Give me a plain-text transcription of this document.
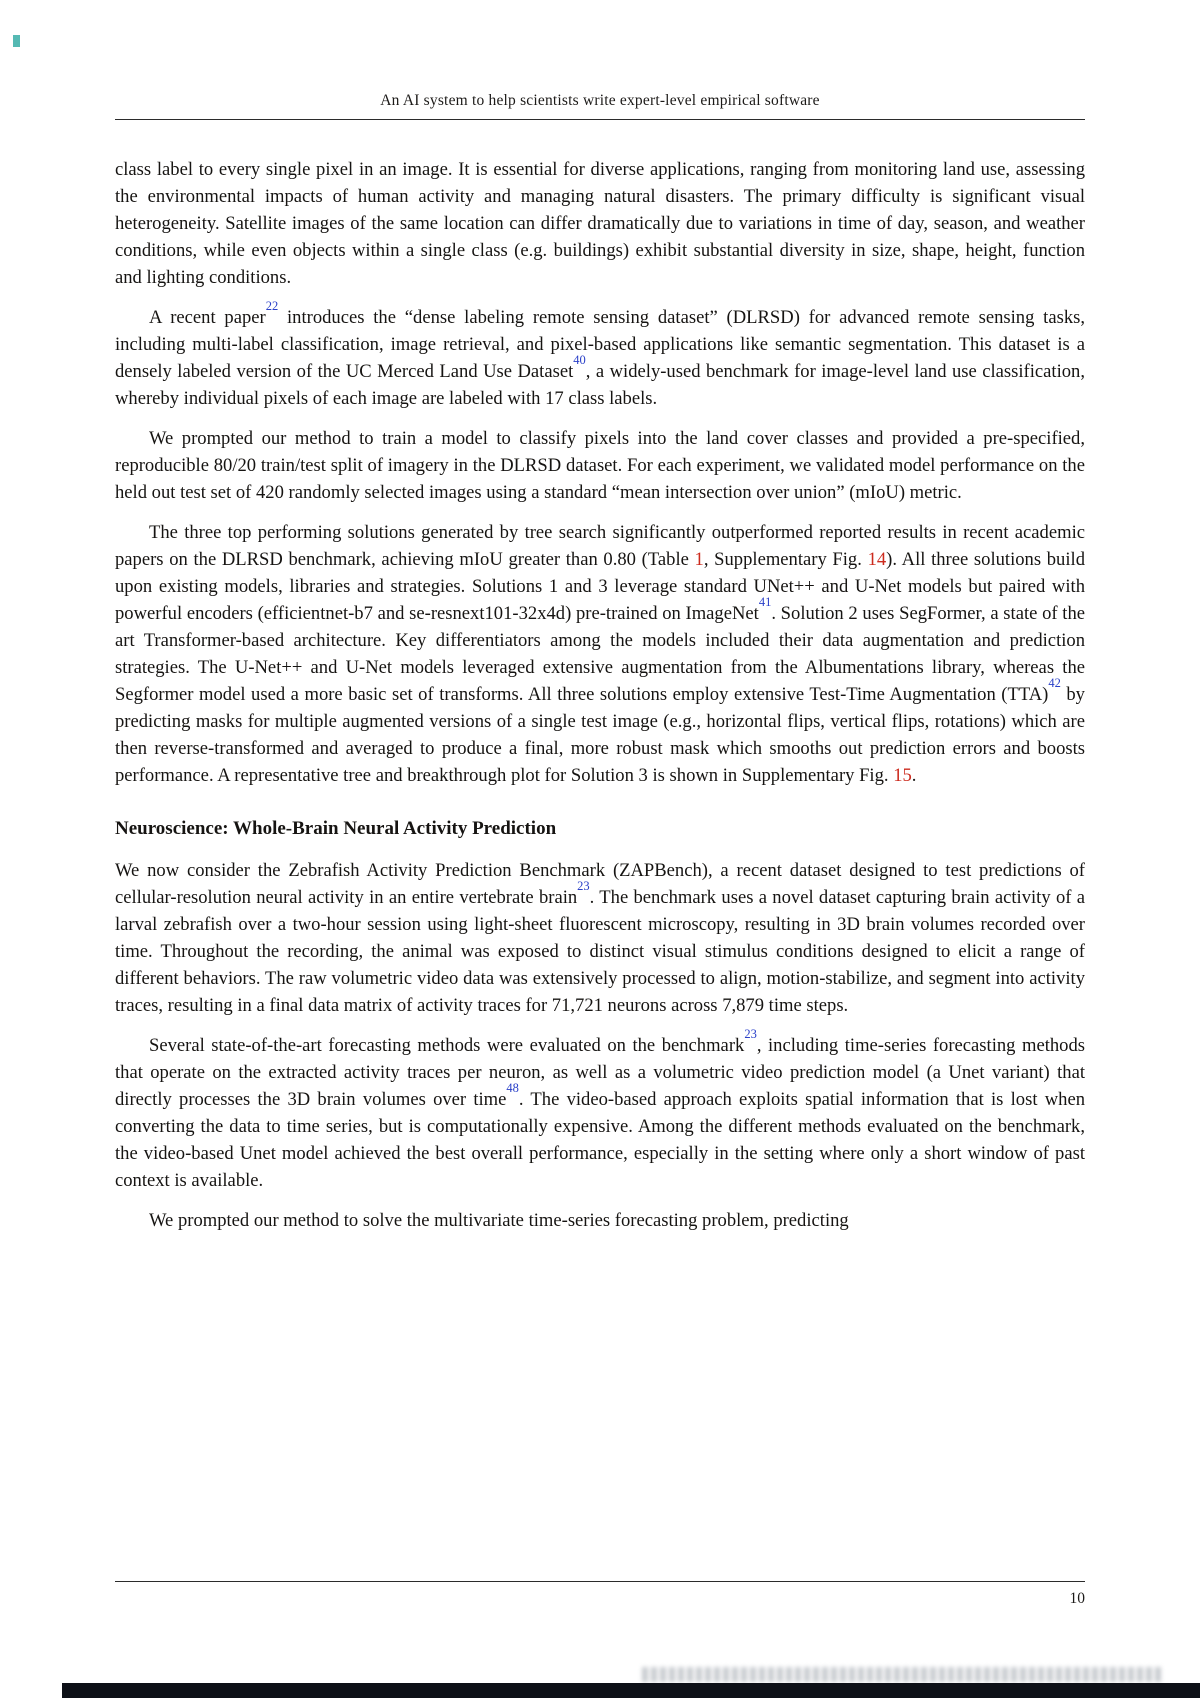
An AI system to help scientists write expert-level empirical software

class label to every single pixel in an image. It is essential for diverse applications, ranging from monitoring land use, assessing the environmental impacts of human activity and managing natural disasters. The primary difficulty is significant visual heterogeneity. Satellite images of the same location can differ dramatically due to variations in time of day, season, and weather conditions, while even objects within a single class (e.g. buildings) exhibit substantial diversity in size, shape, height, function and lighting conditions.

A recent paper$^{22}$ introduces the “dense labeling remote sensing dataset” (DLRSD) for advanced remote sensing tasks, including multi-label classification, image retrieval, and pixel-based applications like semantic segmentation. This dataset is a densely labeled version of the UC Merced Land Use Dataset$^{40}$, a widely-used benchmark for image-level land use classification, whereby individual pixels of each image are labeled with 17 class labels.

We prompted our method to train a model to classify pixels into the land cover classes and provided a pre-specified, reproducible 80/20 train/test split of imagery in the DLRSD dataset. For each experiment, we validated model performance on the held out test set of 420 randomly selected images using a standard “mean intersection over union” (mIoU) metric.

The three top performing solutions generated by tree search significantly outperformed reported results in recent academic papers on the DLRSD benchmark, achieving mIoU greater than 0.80 (Table 1, Supplementary Fig. 14). All three solutions build upon existing models, libraries and strategies. Solutions 1 and 3 leverage standard UNet++ and U-Net models but paired with powerful encoders (efficientnet-b7 and se-resnext101-32x4d) pre-trained on ImageNet$^{41}$. Solution 2 uses SegFormer, a state of the art Transformer-based architecture. Key differentiators among the models included their data augmentation and prediction strategies. The U-Net++ and U-Net models leveraged extensive augmentation from the Albumentations library, whereas the Segformer model used a more basic set of transforms. All three solutions employ extensive Test-Time Augmentation (TTA)$^{42}$ by predicting masks for multiple augmented versions of a single test image (e.g., horizontal flips, vertical flips, rotations) which are then reverse-transformed and averaged to produce a final, more robust mask which smooths out prediction errors and boosts performance. A representative tree and breakthrough plot for Solution 3 is shown in Supplementary Fig. 15.

Neuroscience: Whole-Brain Neural Activity Prediction

We now consider the Zebrafish Activity Prediction Benchmark (ZAPBench), a recent dataset designed to test predictions of cellular-resolution neural activity in an entire vertebrate brain$^{23}$. The benchmark uses a novel dataset capturing brain activity of a larval zebrafish over a two-hour session using light-sheet fluorescent microscopy, resulting in 3D brain volumes recorded over time. Throughout the recording, the animal was exposed to distinct visual stimulus conditions designed to elicit a range of different behaviors. The raw volumetric video data was extensively processed to align, motion-stabilize, and segment into activity traces, resulting in a final data matrix of activity traces for 71,721 neurons across 7,879 time steps.

Several state-of-the-art forecasting methods were evaluated on the benchmark$^{23}$, including time-series forecasting methods that operate on the extracted activity traces per neuron, as well as a volumetric video prediction model (a Unet variant) that directly processes the 3D brain volumes over time$^{48}$. The video-based approach exploits spatial information that is lost when converting the data to time series, but is computationally expensive. Among the different methods evaluated on the benchmark, the video-based Unet model achieved the best overall performance, especially in the setting where only a short window of past context is available.

We prompted our method to solve the multivariate time-series forecasting problem, predicting

10
